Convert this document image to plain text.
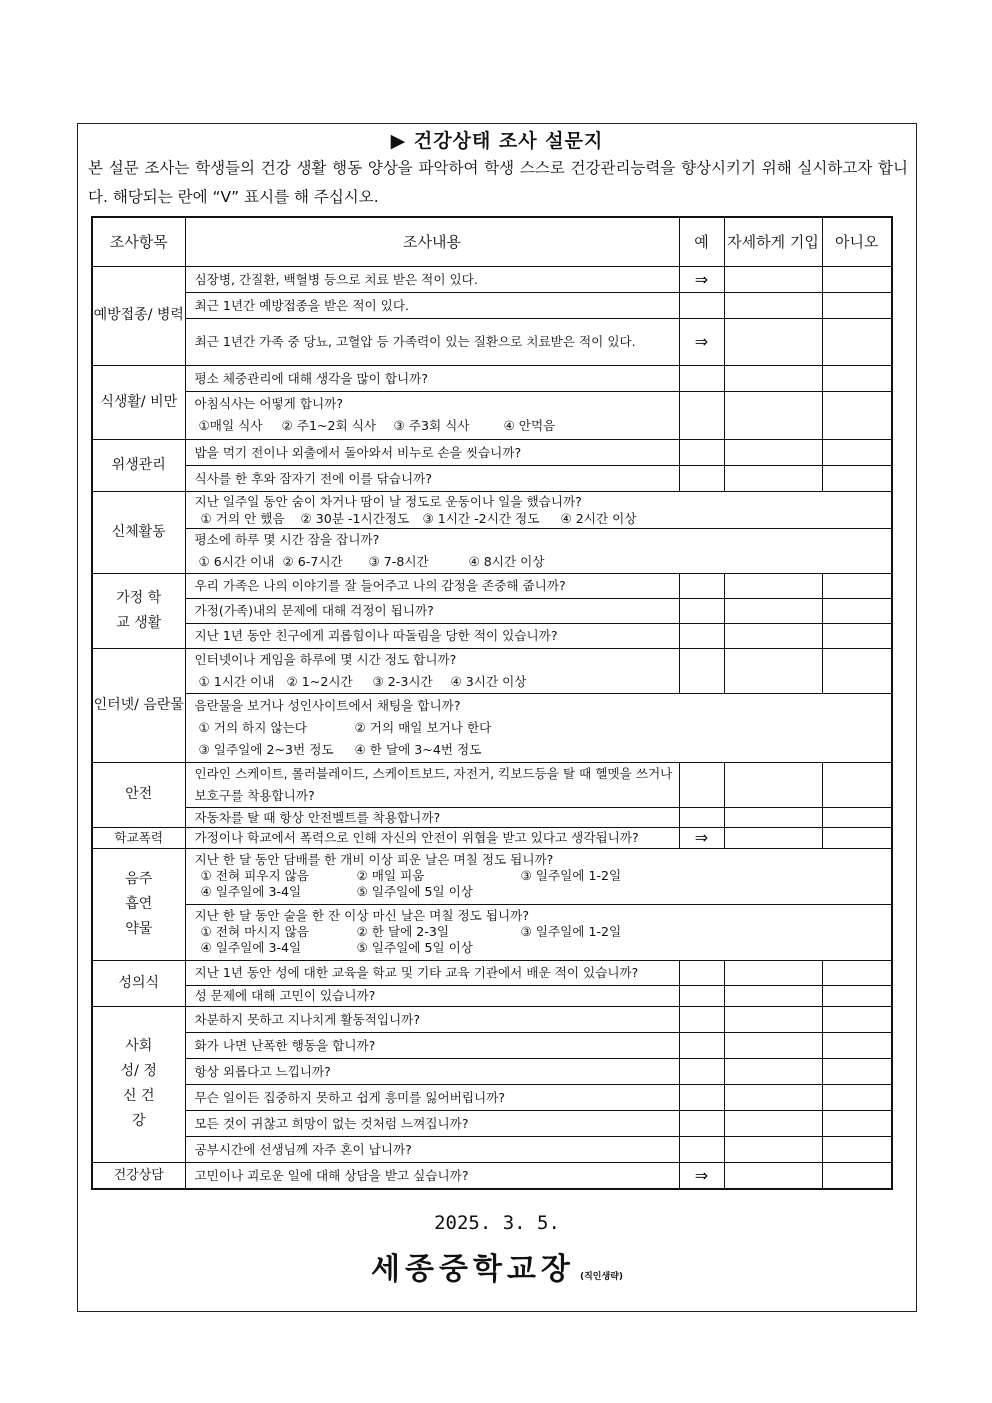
▶ 건강상태 조사 설문지
본 설문 조사는 학생들의 건강 생활 행동 양상을 파악하여 학생 스스로 건강관리능력을 향상시키기 위해 실시하고자 합니다. 해당되는 란에 “V” 표시를 해 주십시오.
조사항목	조사내용	예	자세하게 기입	아니오
예방접종/ 병력	심장병, 간질환, 백혈병 등으로 치료 받은 적이 있다.	⇒		
	최근 1년간 예방접종을 받은 적이 있다.			
	최근 1년간 가족 중 당뇨, 고혈압 등 가족력이 있는 질환으로 치료받은 적이 있다.	⇒		
식생활/ 비만	평소 체중관리에 대해 생각을 많이 합니까?			

	아침식사는 어떻게 합니까?
①매일 식사 ② 주1~2회 식사 ③ 주3회 식사 ④ 안먹음			

위생관리	밥을 먹기 전이나 외출에서 돌아와서 비누로 손을 씻습니까?			
	식사를 한 후와 잠자기 전에 이를 닦습니까?			
신체활동	지난 일주일 동안 숨이 차거나 땀이 날 정도로 운동이나 일을 했습니까?
① 거의 안 했음 ② 30분 -1시간정도 ③ 1시간 -2시간 정도 ④ 2시간 이상			

	평소에 하루 몇 시간 잠을 잡니까?
① 6시간 이내 ② 6-7시간 ③ 7-8시간 ④ 8시간 이상			

가정 학교 생활	우리 가족은 나의 이야기를 잘 들어주고 나의 감정을 존중해 줍니까?			
	가정(가족)내의 문제에 대해 걱정이 됩니까?			
	지난 1년 동안 친구에게 괴롭힘이나 따돌림을 당한 적이 있습니까?			
인터넷/ 음란물	인터넷이나 게임을 하루에 몇 시간 정도 합니까?
① 1시간 이내 ② 1~2시간 ③ 2-3시간 ④ 3시간 이상			

	음란물을 보거나 성인사이트에서 채팅을 합니까?
① 거의 하지 않는다 ② 거의 매일 보거나 한다
③ 일주일에 2~3번 정도 ④ 한 달에 3~4번 정도			

안전	인라인 스케이트, 롤러블레이드, 스케이트보드, 자전거, 킥보드등을 탈 때 헬멧을 쓰거나 보호구를 착용합니까?			
	자동차를 탈 때 항상 안전벨트를 착용합니까?			
학교폭력	가정이나 학교에서 폭력으로 인해 자신의 안전이 위협을 받고 있다고 생각됩니까?	⇒		
음주 흡연 약물	지난 한 달 동안 담배를 한 개비 이상 피운 날은 며칠 정도 됩니까?
① 전혀 피우지 않음 ② 매일 피움 ③ 일주일에 1-2일
④ 일주일에 3-4일 ⑤ 일주일에 5일 이상			

	지난 한 달 동안 술을 한 잔 이상 마신 날은 며칠 정도 됩니까?
① 전혀 마시지 않음 ② 한 달에 2-3일 ③ 일주일에 1-2일
④ 일주일에 3-4일 ⑤ 일주일에 5일 이상			

성의식	지난 1년 동안 성에 대한 교육을 학교 및 기타 교육 기관에서 배운 적이 있습니까?			
	성 문제에 대해 고민이 있습니까?			
사회 성/ 정신 건강	차분하지 못하고 지나치게 활동적입니까?			
	화가 나면 난폭한 행동을 합니까?			
	항상 외롭다고 느낍니까?			
	무슨 일이든 집중하지 못하고 쉽게 흥미를 잃어버립니까?			
	모든 것이 귀찮고 희망이 없는 것처럼 느껴집니까?			
	공부시간에 선생님께 자주 혼이 납니까?			
건강상담	고민이나 괴로운 일에 대해 상담을 받고 싶습니까?	⇒		
2025. 3. 5.
세종중학교장 (직인생략)
